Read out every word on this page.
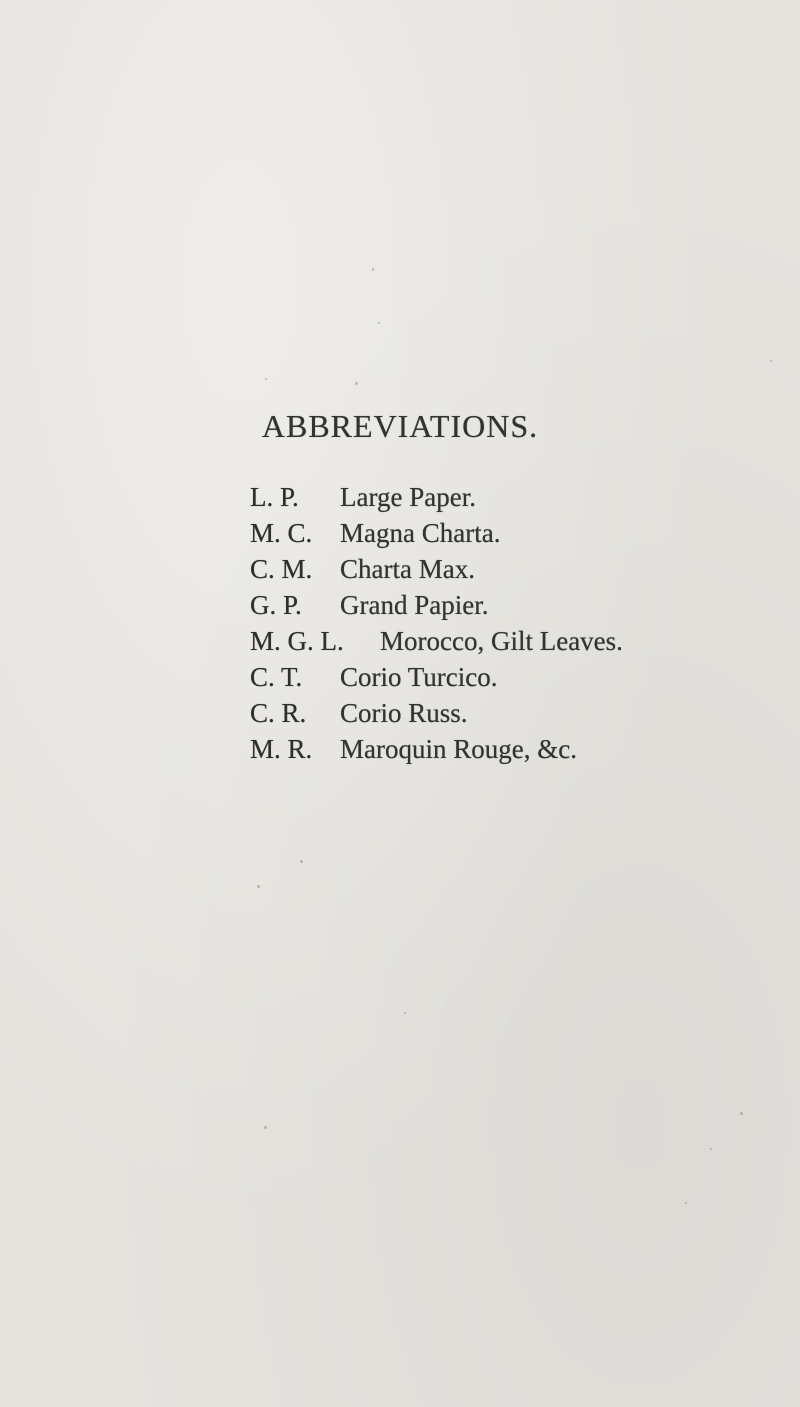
ABBREVIATIONS.
L. P. Large Paper.
M. C. Magna Charta.
C. M. Charta Max.
G. P. Grand Papier.
M. G. L. Morocco, Gilt Leaves.
C. T. Corio Turcico.
C. R. Corio Russ.
M. R. Maroquin Rouge, &c.
